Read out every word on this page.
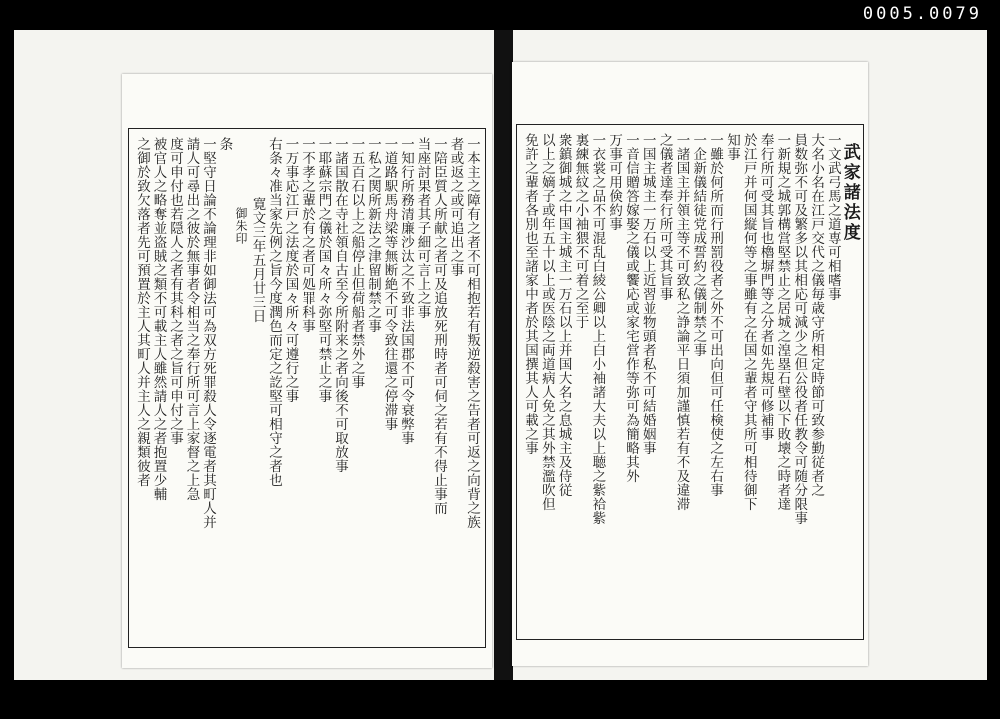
0005.0079
一本主之障有之者不可相抱若有叛逆殺害之告者可返之向背之族
者或返之或可追出之事
一陪臣質人所献之者可及追放死刑時者可伺之若有不得止事而
当座討果者其子細可言上之事
一知行所務清廉沙汰之不致非法国郡不可令衰弊事
一道路駅馬舟梁等無断絶不可令致往還之停滞事
一私之関所新法之津留制禁之事
一五百石以上之船停止但荷船者禁外之事
一諸国散在寺社領自古至今所附来之者向後不可取放事
一耶蘇宗門之儀於国々所々弥堅可禁止之事
一不孝之輩於有之者可処罪科事
一万事応江戸之法度於国々所々可遵行之事
右条々准当家先例之旨今度潤色而定之訖堅可相守之者也
寛文三年五月廿三日
御朱印
条
一堅守日論不論理非如御法可為双方死罪殺人令逐電者其町人并
請人可尋出之彼於無事者令相当之奉行所可言上家督之上急
度可申付也若隠人之者有其科之者之旨可申付之事
被官人之略奪並盗賊之類不可載主人雖然請人之者抱置少輔
之御於致欠落者先可預置於主人其町人并主人之親類彼者	武家諸法度
一文武弓馬之道専可相嗜事
大名小名在江戸交代之儀毎歳守所相定時節可致参勤従者之
員数弥不可及繁多以其相応可減少之但公役者任教令可随分限事
一新規之城郭構営堅禁止之居城之湟塁石壁以下敗壊之時者達
奉行所可受其旨也櫓塀門等之分者如先規可修補事
於江戸并何国縦何等之事雖有之在国之輩者守其所可相待御下
知事
一雖於何所而行刑罰役者之外不可出向但可任検使之左右事
一企新儀結徒党成誓約之儀制禁之事
一諸国主并領主等不可致私之諍論平日須加謹慎若有不及違滞
之儀者達奉行所可受其旨事
一国主城主一万石以上近習並物頭者私不可結婚姻事
一音信贈答嫁娶之儀或饗応或家宅営作等弥可為簡略其外
万事可用倹約事
一衣裳之品不可混乱白綾公卿以上白小袖諸大夫以上聴之紫袷紫
裏練無紋之小袖猥不可着之至于
衆鎮御城之中国主城主一万石以上并国大名之息城主及侍従
以上之嫡子或年五十以上或医陰之両道病人免之其外禁濫吹但
免許之輩者各別也至諸家中者於其国撰其人可載之事
